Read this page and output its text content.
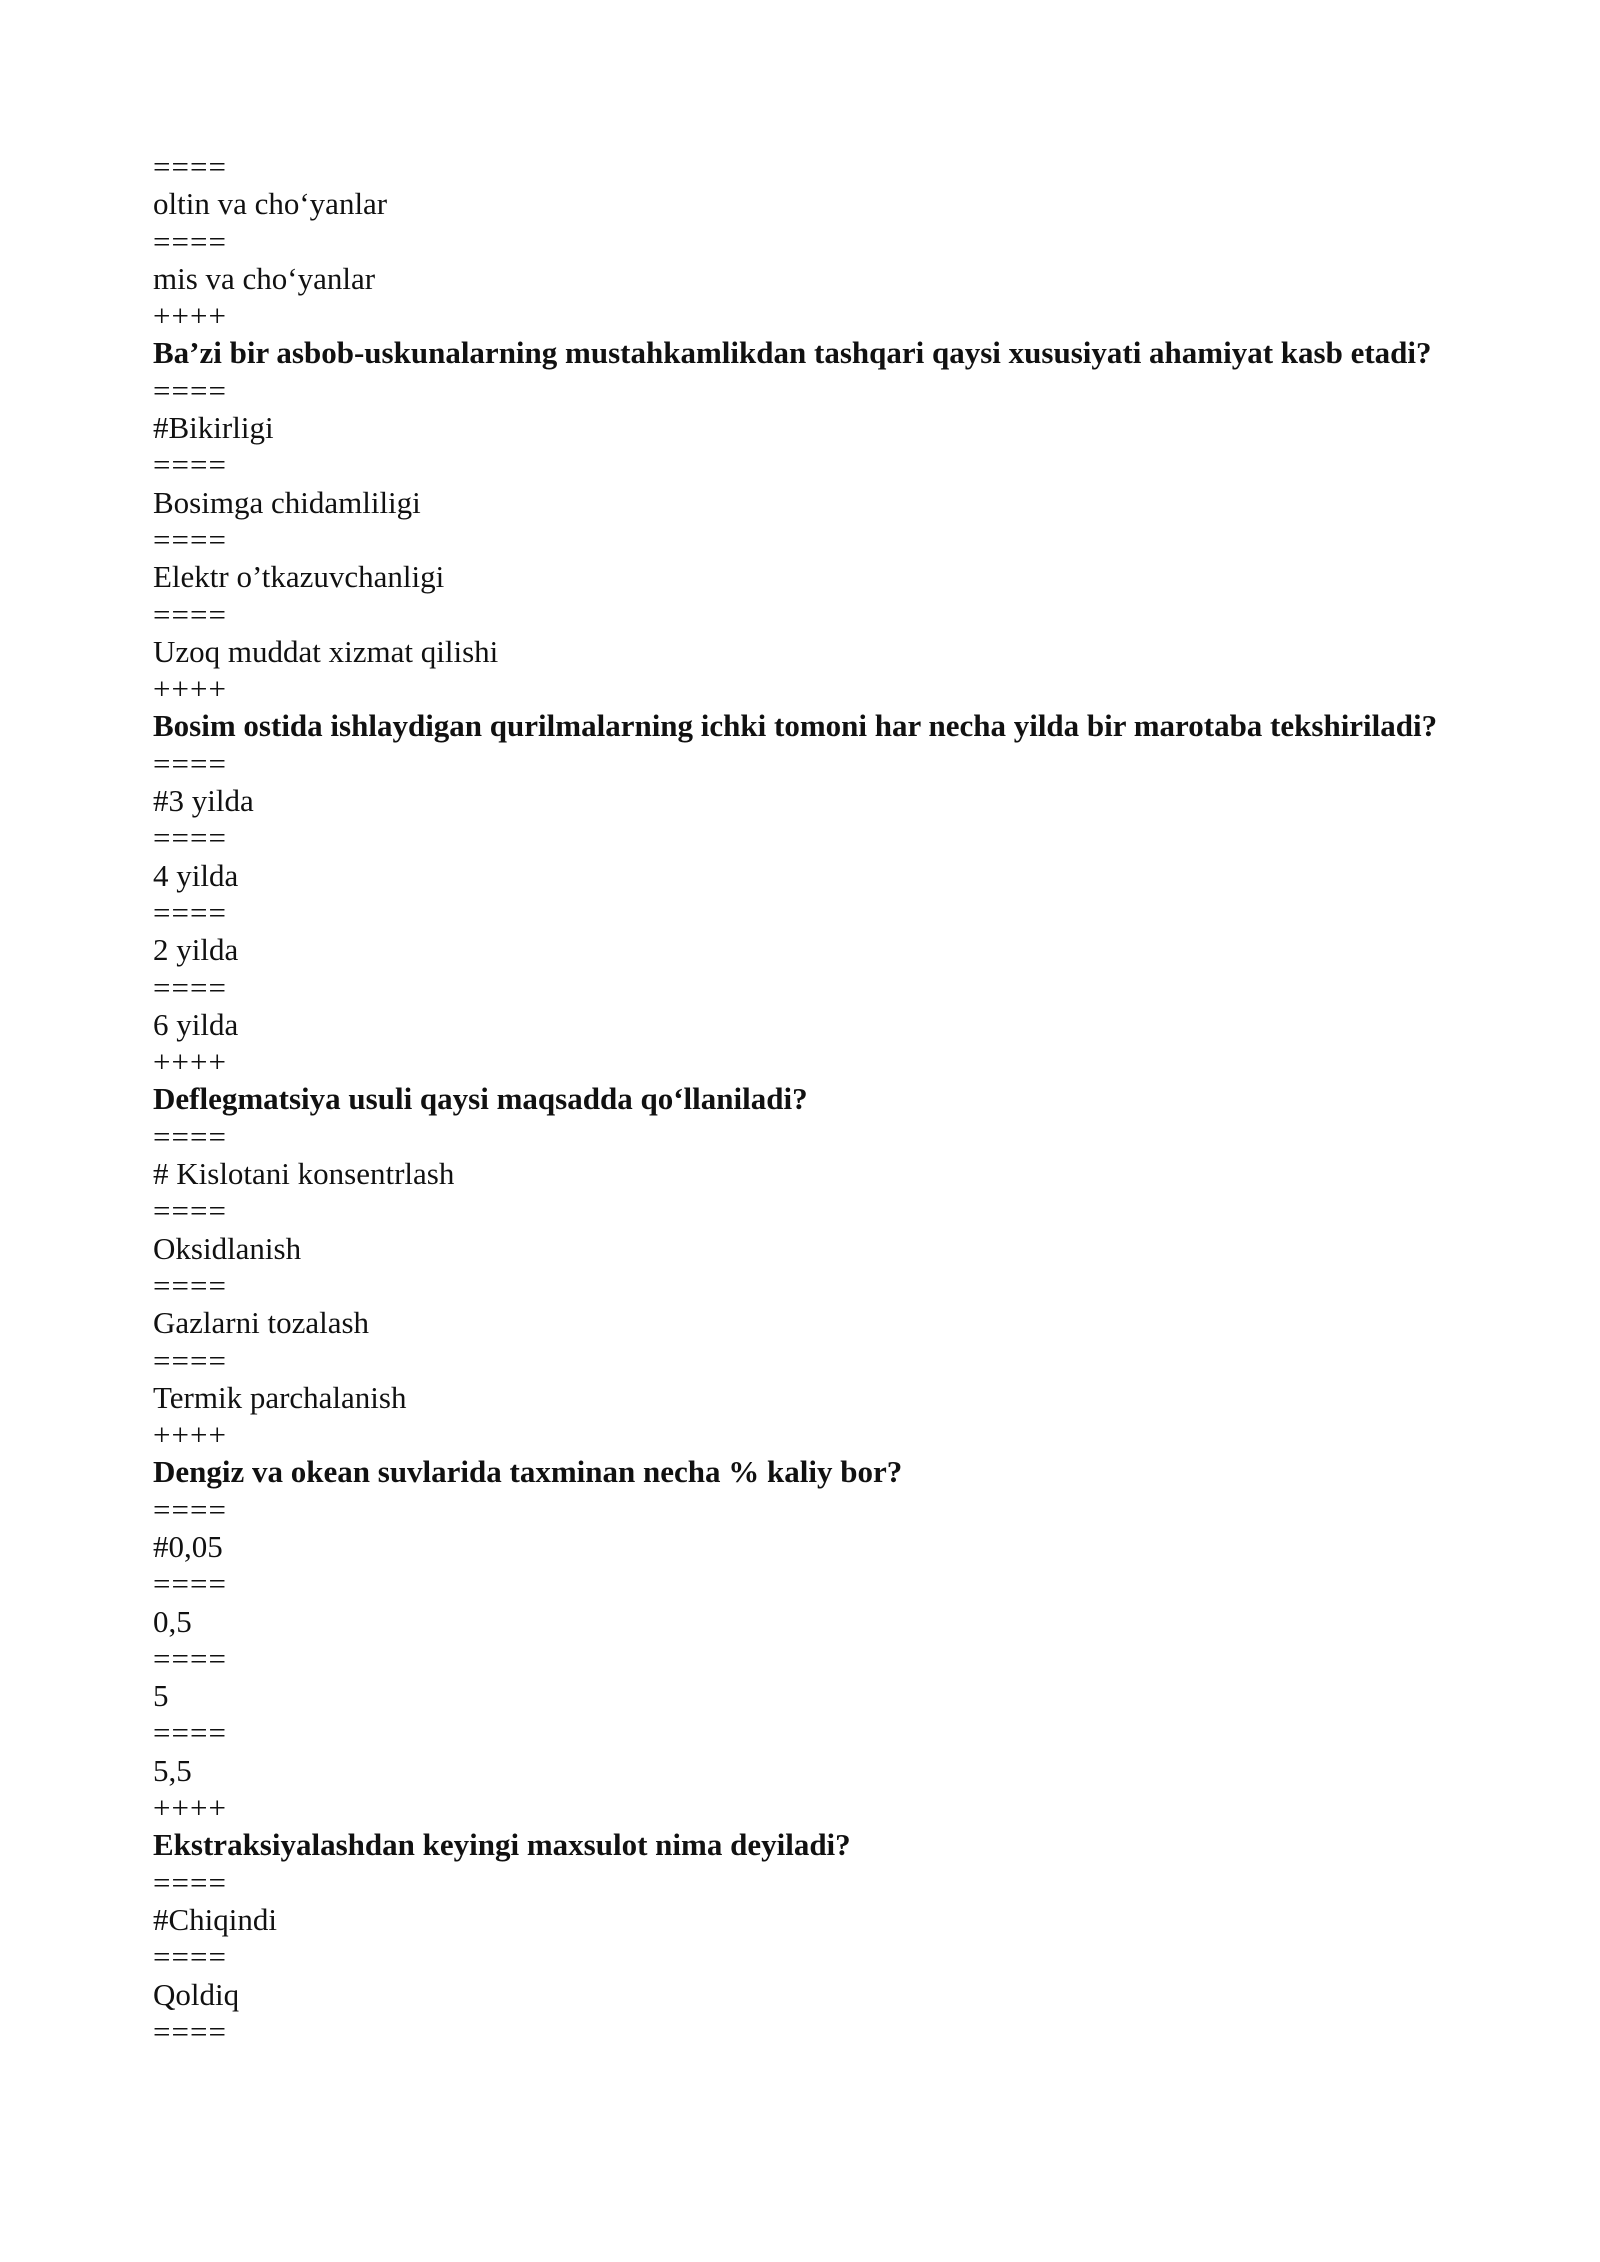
====

oltin va cho‘yanlar

====

mis va cho‘yanlar

++++

Ba’zi bir asbob-uskunalarning mustahkamlikdan tashqari qaysi xususiyati ahamiyat kasb etadi?

====

#Bikirligi

====

Bosimga chidamliligi

====

Elektr o’tkazuvchanligi

====

Uzoq muddat xizmat qilishi

++++

Bosim ostida ishlaydigan qurilmalarning ichki tomoni har necha yilda bir marotaba tekshiriladi?

====

#3 yilda

====

4 yilda

====

2 yilda

====

6 yilda

++++

Deflegmatsiya usuli qaysi maqsadda qo‘llaniladi?

====

# Kislotani konsentrlash

====

Oksidlanish

====

Gazlarni tozalash

====

Termik parchalanish

++++

Dengiz va okean suvlarida taxminan necha % kaliy bor?

====

#0,05

====

0,5

====

5

====

5,5

++++

Ekstraksiyalashdan keyingi maxsulot nima deyiladi?

====

#Chiqindi

====

Qoldiq

====
